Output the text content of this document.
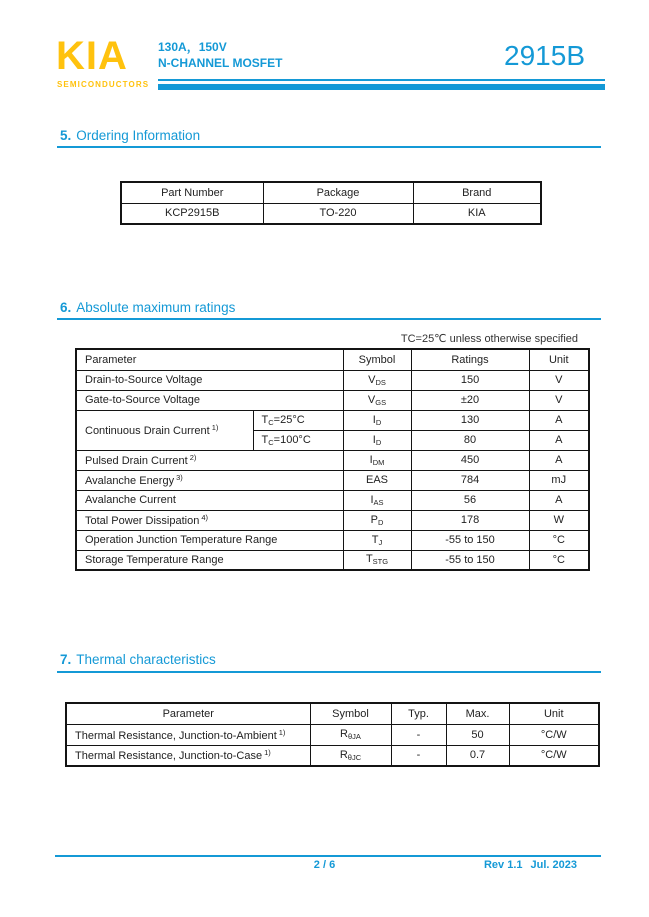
KIA
SEMICONDUCTORS
130A，150V
N-CHANNEL MOSFET	2915B
5. Ordering Information
Part Number	Package	Brand
KCP2915B	TO-220	KIA
6. Absolute maximum ratings
TC=25℃ unless otherwise specified
Parameter		Symbol	Ratings	Unit
Drain-to-Source Voltage		$V_{DS}$	150	V
Gate-to-Source Voltage		$V_{GS}$	±20	V
Continuous Drain Current $^{1)}$	$T_C=25^\circ C$	$I_D$	130	A
	$T_C=100^\circ C$	$I_D$	80	A
Pulsed Drain Current $^{2)}$		$I_{DM}$	450	A
Avalanche Energy $^{3)}$		EAS	784	mJ
Avalanche Current		$I_{AS}$	56	A
Total Power Dissipation $^{4)}$		$P_D$	178	W
Operation Junction Temperature Range		$T_J$	-55 to 150	°C
Storage Temperature Range		$T_{STG}$	-55 to 150	°C
7. Thermal characteristics
Parameter	Symbol	Typ.	Max.	Unit
Thermal Resistance, Junction-to-Ambient $^{1)}$	$R_{\theta JA}$	-	50	°C/W
Thermal Resistance, Junction-to-Case $^{1)}$	$R_{\theta JC}$	-	0.7	°C/W
2 / 6	Rev 1.1 Jul. 2023
